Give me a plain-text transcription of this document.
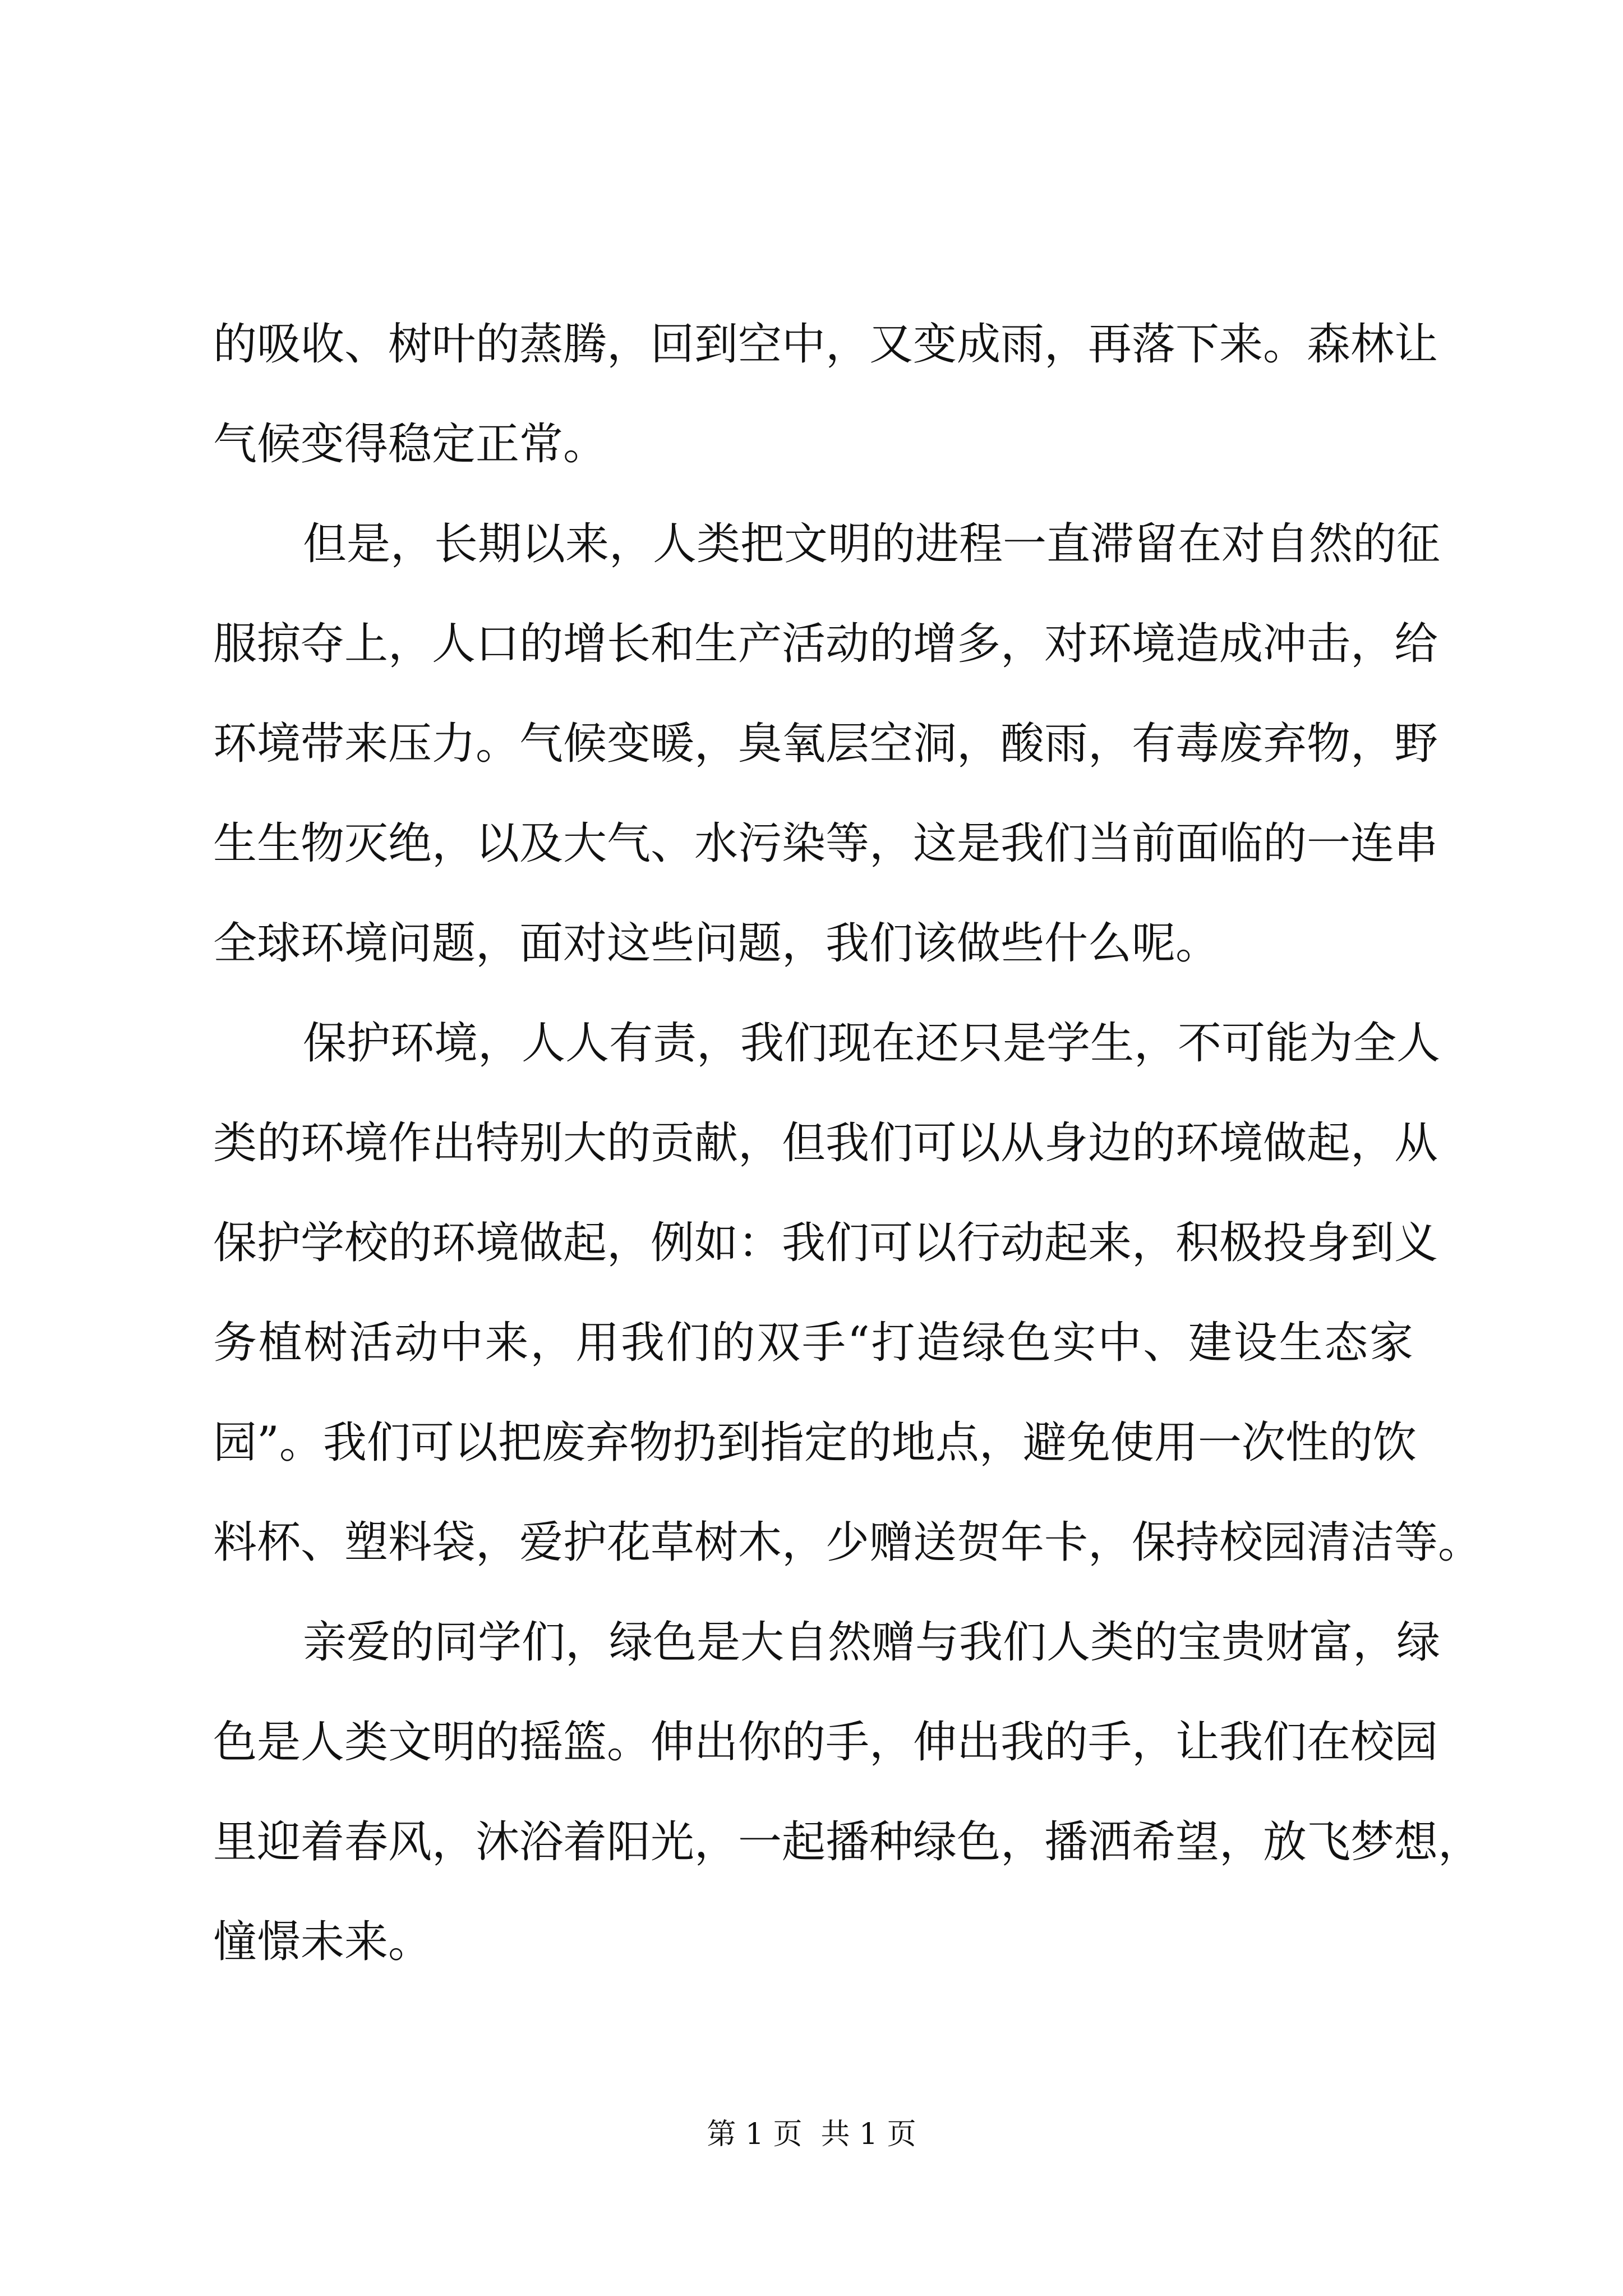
的吸收、树叶的蒸腾，回到空中，又变成雨，再落下来。森林让
气候变得稳定正常。
但是，长期以来，人类把文明的进程一直滞留在对自然的征
服掠夺上，人口的增长和生产活动的增多，对环境造成冲击，给
环境带来压力。气候变暖，臭氧层空洞，酸雨，有毒废弃物，野
生生物灭绝，以及大气、水污染等，这是我们当前面临的一连串
全球环境问题，面对这些问题，我们该做些什么呢。
保护环境，人人有责，我们现在还只是学生，不可能为全人
类的环境作出特别大的贡献，但我们可以从身边的环境做起，从
保护学校的环境做起，例如：我们可以行动起来，积极投身到义
务植树活动中来，用我们的双手“打造绿色实中、建设生态家
园”。我们可以把废弃物扔到指定的地点，避免使用一次性的饮
料杯、塑料袋，爱护花草树木，少赠送贺年卡，保持校园清洁等。
亲爱的同学们，绿色是大自然赠与我们人类的宝贵财富，绿
色是人类文明的摇篮。伸出你的手，伸出我的手，让我们在校园
里迎着春风，沐浴着阳光，一起播种绿色，播洒希望，放飞梦想，
憧憬未来。
第 1 页  共 1 页
